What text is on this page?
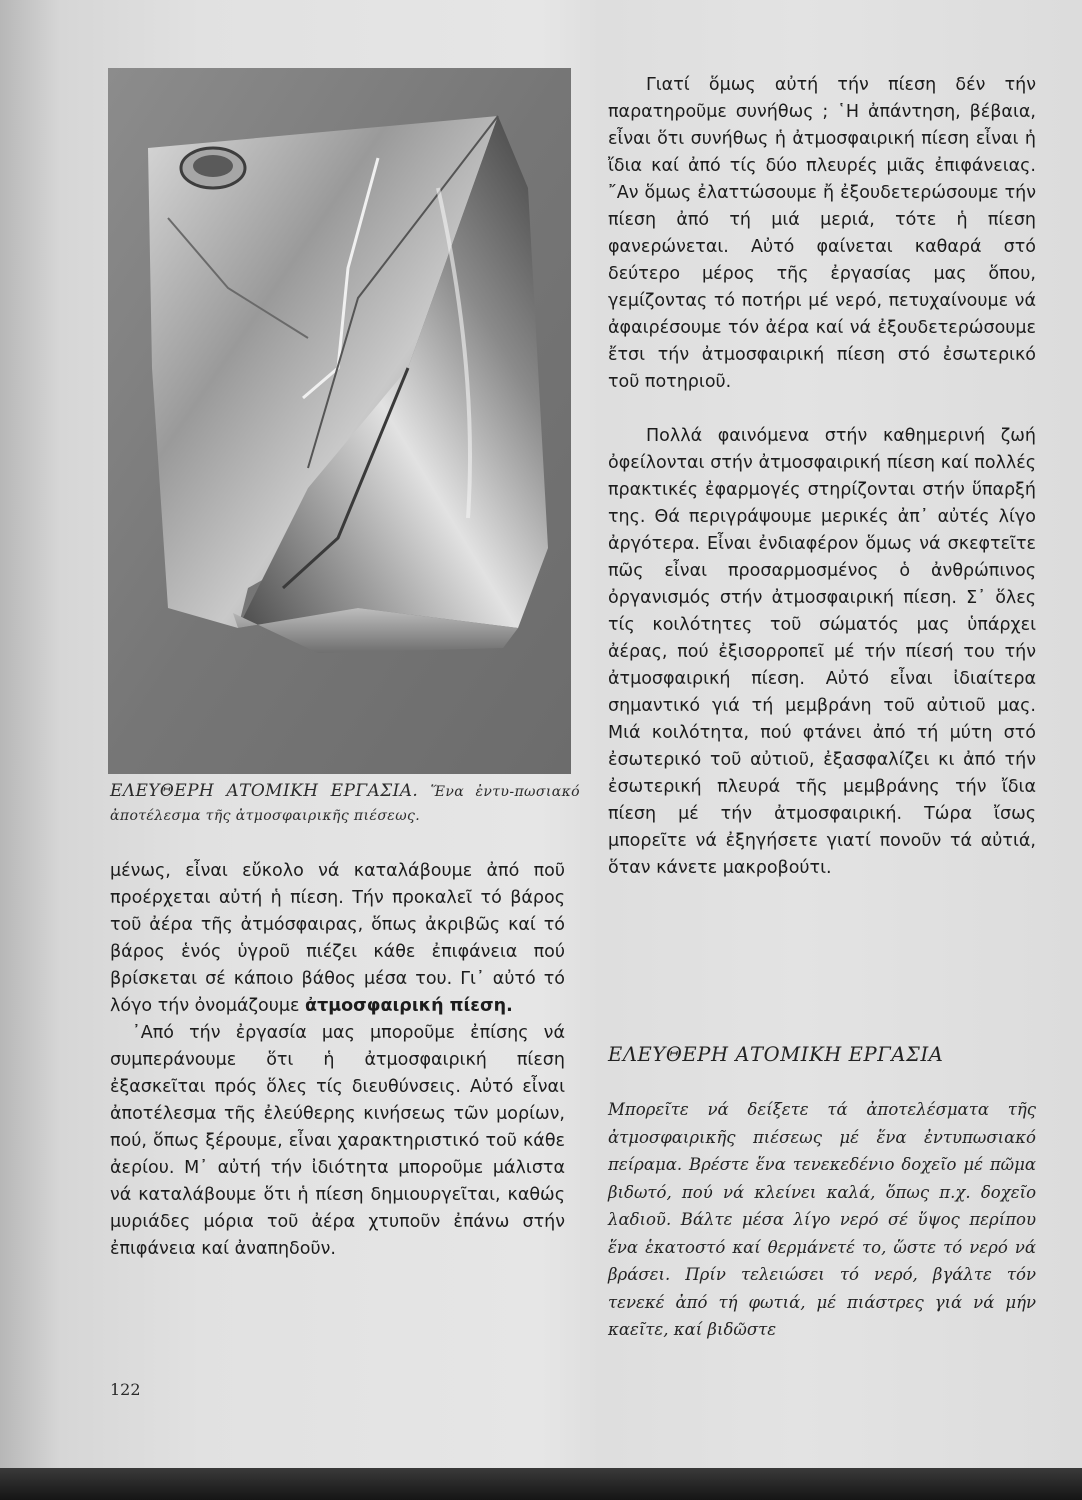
ΕΛΕΥΘΕΡΗ ΑΤΟΜΙΚΗ ΕΡΓΑΣΙΑ. Ἕνα ἐντυ-πωσιακό ἀποτέλεσμα τῆς ἀτμοσφαιρικῆς πιέσεως.

μένως, εἶναι εὔκολο νά καταλάβουμε ἀπό ποῦ προέρχεται αὐτή ἡ πίεση. Τήν προκαλεῖ τό βάρος τοῦ ἀέρα τῆς ἀτμόσφαιρας, ὅπως ἀκριβῶς καί τό βάρος ἑνός ὑγροῦ πιέζει κάθε ἐπιφάνεια πού βρίσκεται σέ κάποιο βάθος μέσα του. Γι᾽ αὐτό τό λόγο τήν ὀνομάζουμε ἀτμοσφαιρική πίεση.

᾽Από τήν ἐργασία μας μποροῦμε ἐπίσης νά συμπεράνουμε ὅτι ἡ ἀτμοσφαιρική πίεση ἐξασκεῖται πρός ὅλες τίς διευθύνσεις. Αὐτό εἶναι ἀποτέλεσμα τῆς ἐλεύθερης κινήσεως τῶν μορίων, πού, ὅπως ξέρουμε, εἶναι χαρακτηριστικό τοῦ κάθε ἀερίου. Μ᾽ αὐτή τήν ἰδιότητα μποροῦμε μάλιστα νά καταλάβουμε ὅτι ἡ πίεση δημιουργεῖται, καθώς μυριάδες μόρια τοῦ ἀέρα χτυποῦν ἐπάνω στήν ἐπιφάνεια καί ἀναπηδοῦν.

Γιατί ὅμως αὐτή τήν πίεση δέν τήν παρατηροῦμε συνήθως ; ῾Η ἀπάντηση, βέβαια, εἶναι ὅτι συνήθως ἡ ἀτμοσφαιρική πίεση εἶναι ἡ ἴδια καί ἀπό τίς δύο πλευρές μιᾶς ἐπιφάνειας. ῎Αν ὅμως ἐλαττώσουμε ἤ ἐξουδετερώσουμε τήν πίεση ἀπό τή μιά μεριά, τότε ἡ πίεση φανερώνεται. Αὐτό φαίνεται καθαρά στό δεύτερο μέρος τῆς ἐργασίας μας ὅπου, γεμίζοντας τό ποτήρι μέ νερό, πετυχαίνουμε νά ἀφαιρέσουμε τόν ἀέρα καί νά ἐξουδετερώσουμε ἔτσι τήν ἀτμοσφαιρική πίεση στό ἐσωτερικό τοῦ ποτηριοῦ.

Πολλά φαινόμενα στήν καθημερινή ζωή ὀφείλονται στήν ἀτμοσφαιρική πίεση καί πολλές πρακτικές ἐφαρμογές στηρίζονται στήν ὕπαρξή της. Θά περιγράψουμε μερικές ἀπ᾽ αὐτές λίγο ἀργότερα. Εἶναι ἐνδιαφέρον ὅμως νά σκεφτεῖτε πῶς εἶναι προσαρμοσμένος ὁ ἀνθρώπινος ὀργανισμός στήν ἀτμοσφαιρική πίεση. Σ᾽ ὅλες τίς κοιλότητες τοῦ σώματός μας ὑπάρχει ἀέρας, πού ἐξισορροπεῖ μέ τήν πίεσή του τήν ἀτμοσφαιρική πίεση. Αὐτό εἶναι ἰδιαίτερα σημαντικό γιά τή μεμβράνη τοῦ αὐτιοῦ μας. Μιά κοιλότητα, πού φτάνει ἀπό τή μύτη στό ἐσωτερικό τοῦ αὐτιοῦ, ἐξασφαλίζει κι ἀπό τήν ἐσωτερική πλευρά τῆς μεμβράνης τήν ἴδια πίεση μέ τήν ἀτμοσφαιρική. Τώρα ἴσως μπορεῖτε νά ἐξηγήσετε γιατί πονοῦν τά αὐτιά, ὅταν κάνετε μακροβούτι.

ΕΛΕΥΘΕΡΗ ΑΤΟΜΙΚΗ ΕΡΓΑΣΙΑ
Μπορεῖτε νά δείξετε τά ἀποτελέσματα τῆς ἀτμοσφαιρικῆς πιέσεως μέ ἕνα ἐντυπωσιακό πείραμα. Βρέστε ἕνα τενεκεδένιο δοχεῖο μέ πῶμα βιδωτό, πού νά κλείνει καλά, ὅπως π.χ. δοχεῖο λαδιοῦ. Βάλτε μέσα λίγο νερό σέ ὕψος περίπου ἕνα ἑκατοστό καί θερμάνετέ το, ὥστε τό νερό νά βράσει. Πρίν τελειώσει τό νερό, βγάλτε τόν τενεκέ ἀπό τή φωτιά, μέ πιάστρες γιά νά μήν καεῖτε, καί βιδῶστε
122
